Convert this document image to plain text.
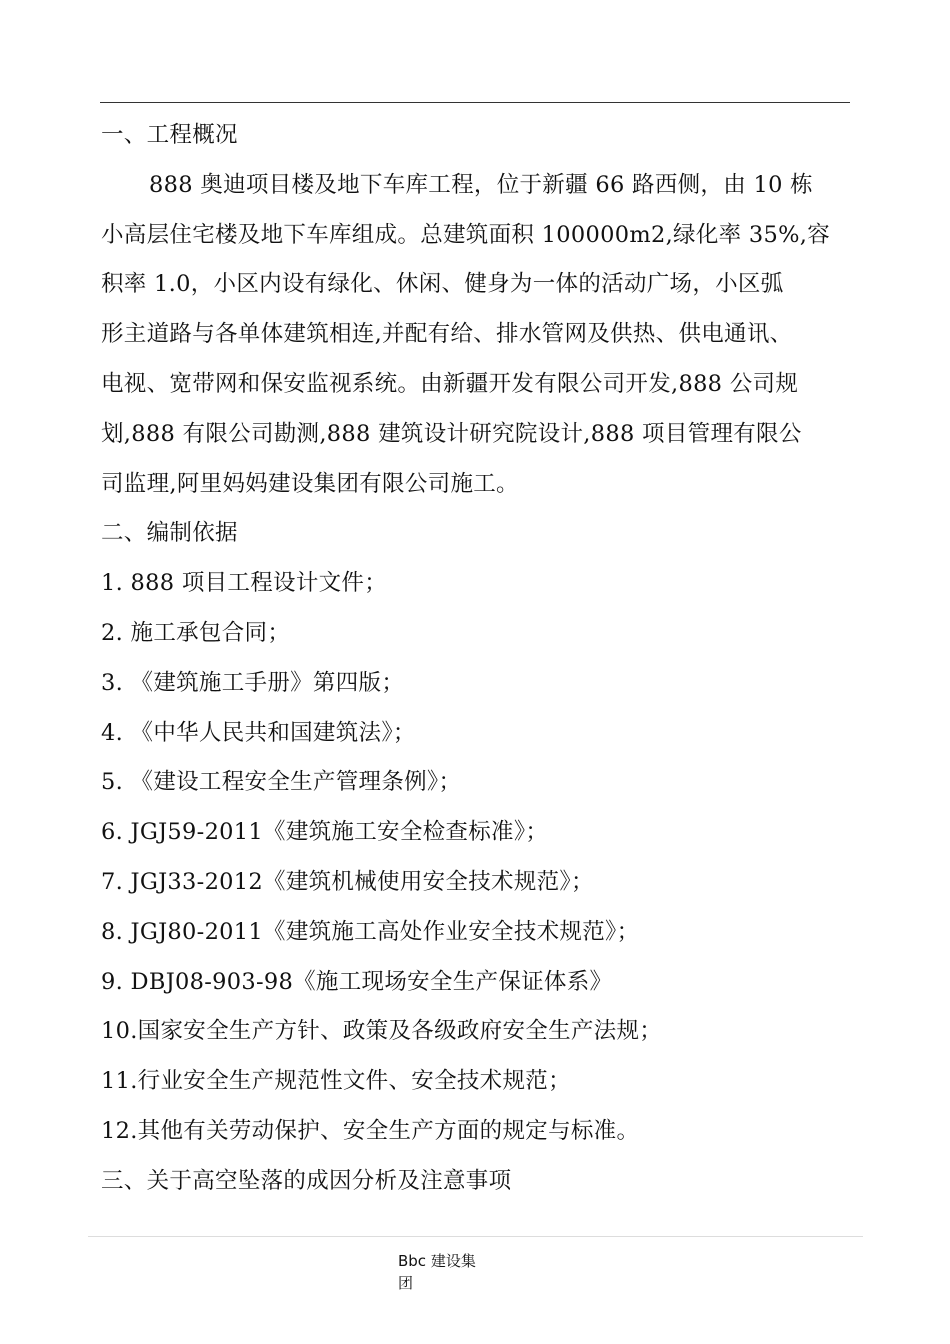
一、工程概况
888 奥迪项目楼及地下车库工程，位于新疆 66 路西侧，由 10 栋
小高层住宅楼及地下车库组成。总建筑面积 100000m2,绿化率 35%,容
积率 1.0，小区内设有绿化、休闲、健身为一体的活动广场，小区弧
形主道路与各单体建筑相连,并配有给、排水管网及供热、供电通讯、
电视、宽带网和保安监视系统。由新疆开发有限公司开发,888 公司规
划,888 有限公司勘测,888 建筑设计研究院设计,888 项目管理有限公
司监理,阿里妈妈建设集团有限公司施工。
二、编制依据
1. 888 项目工程设计文件；
2. 施工承包合同；
3. 《建筑施工手册》第四版；
4. 《中华人民共和国建筑法》；
5. 《建设工程安全生产管理条例》；
6. JGJ59-2011《建筑施工安全检查标准》；
7. JGJ33-2012《建筑机械使用安全技术规范》；
8. JGJ80-2011《建筑施工高处作业安全技术规范》；
9. DBJ08-903-98《施工现场安全生产保证体系》
10.国家安全生产方针、政策及各级政府安全生产法规；
11.行业安全生产规范性文件、安全技术规范；
12.其他有关劳动保护、安全生产方面的规定与标准。
三、关于高空坠落的成因分析及注意事项
Bbc 建设集
团
